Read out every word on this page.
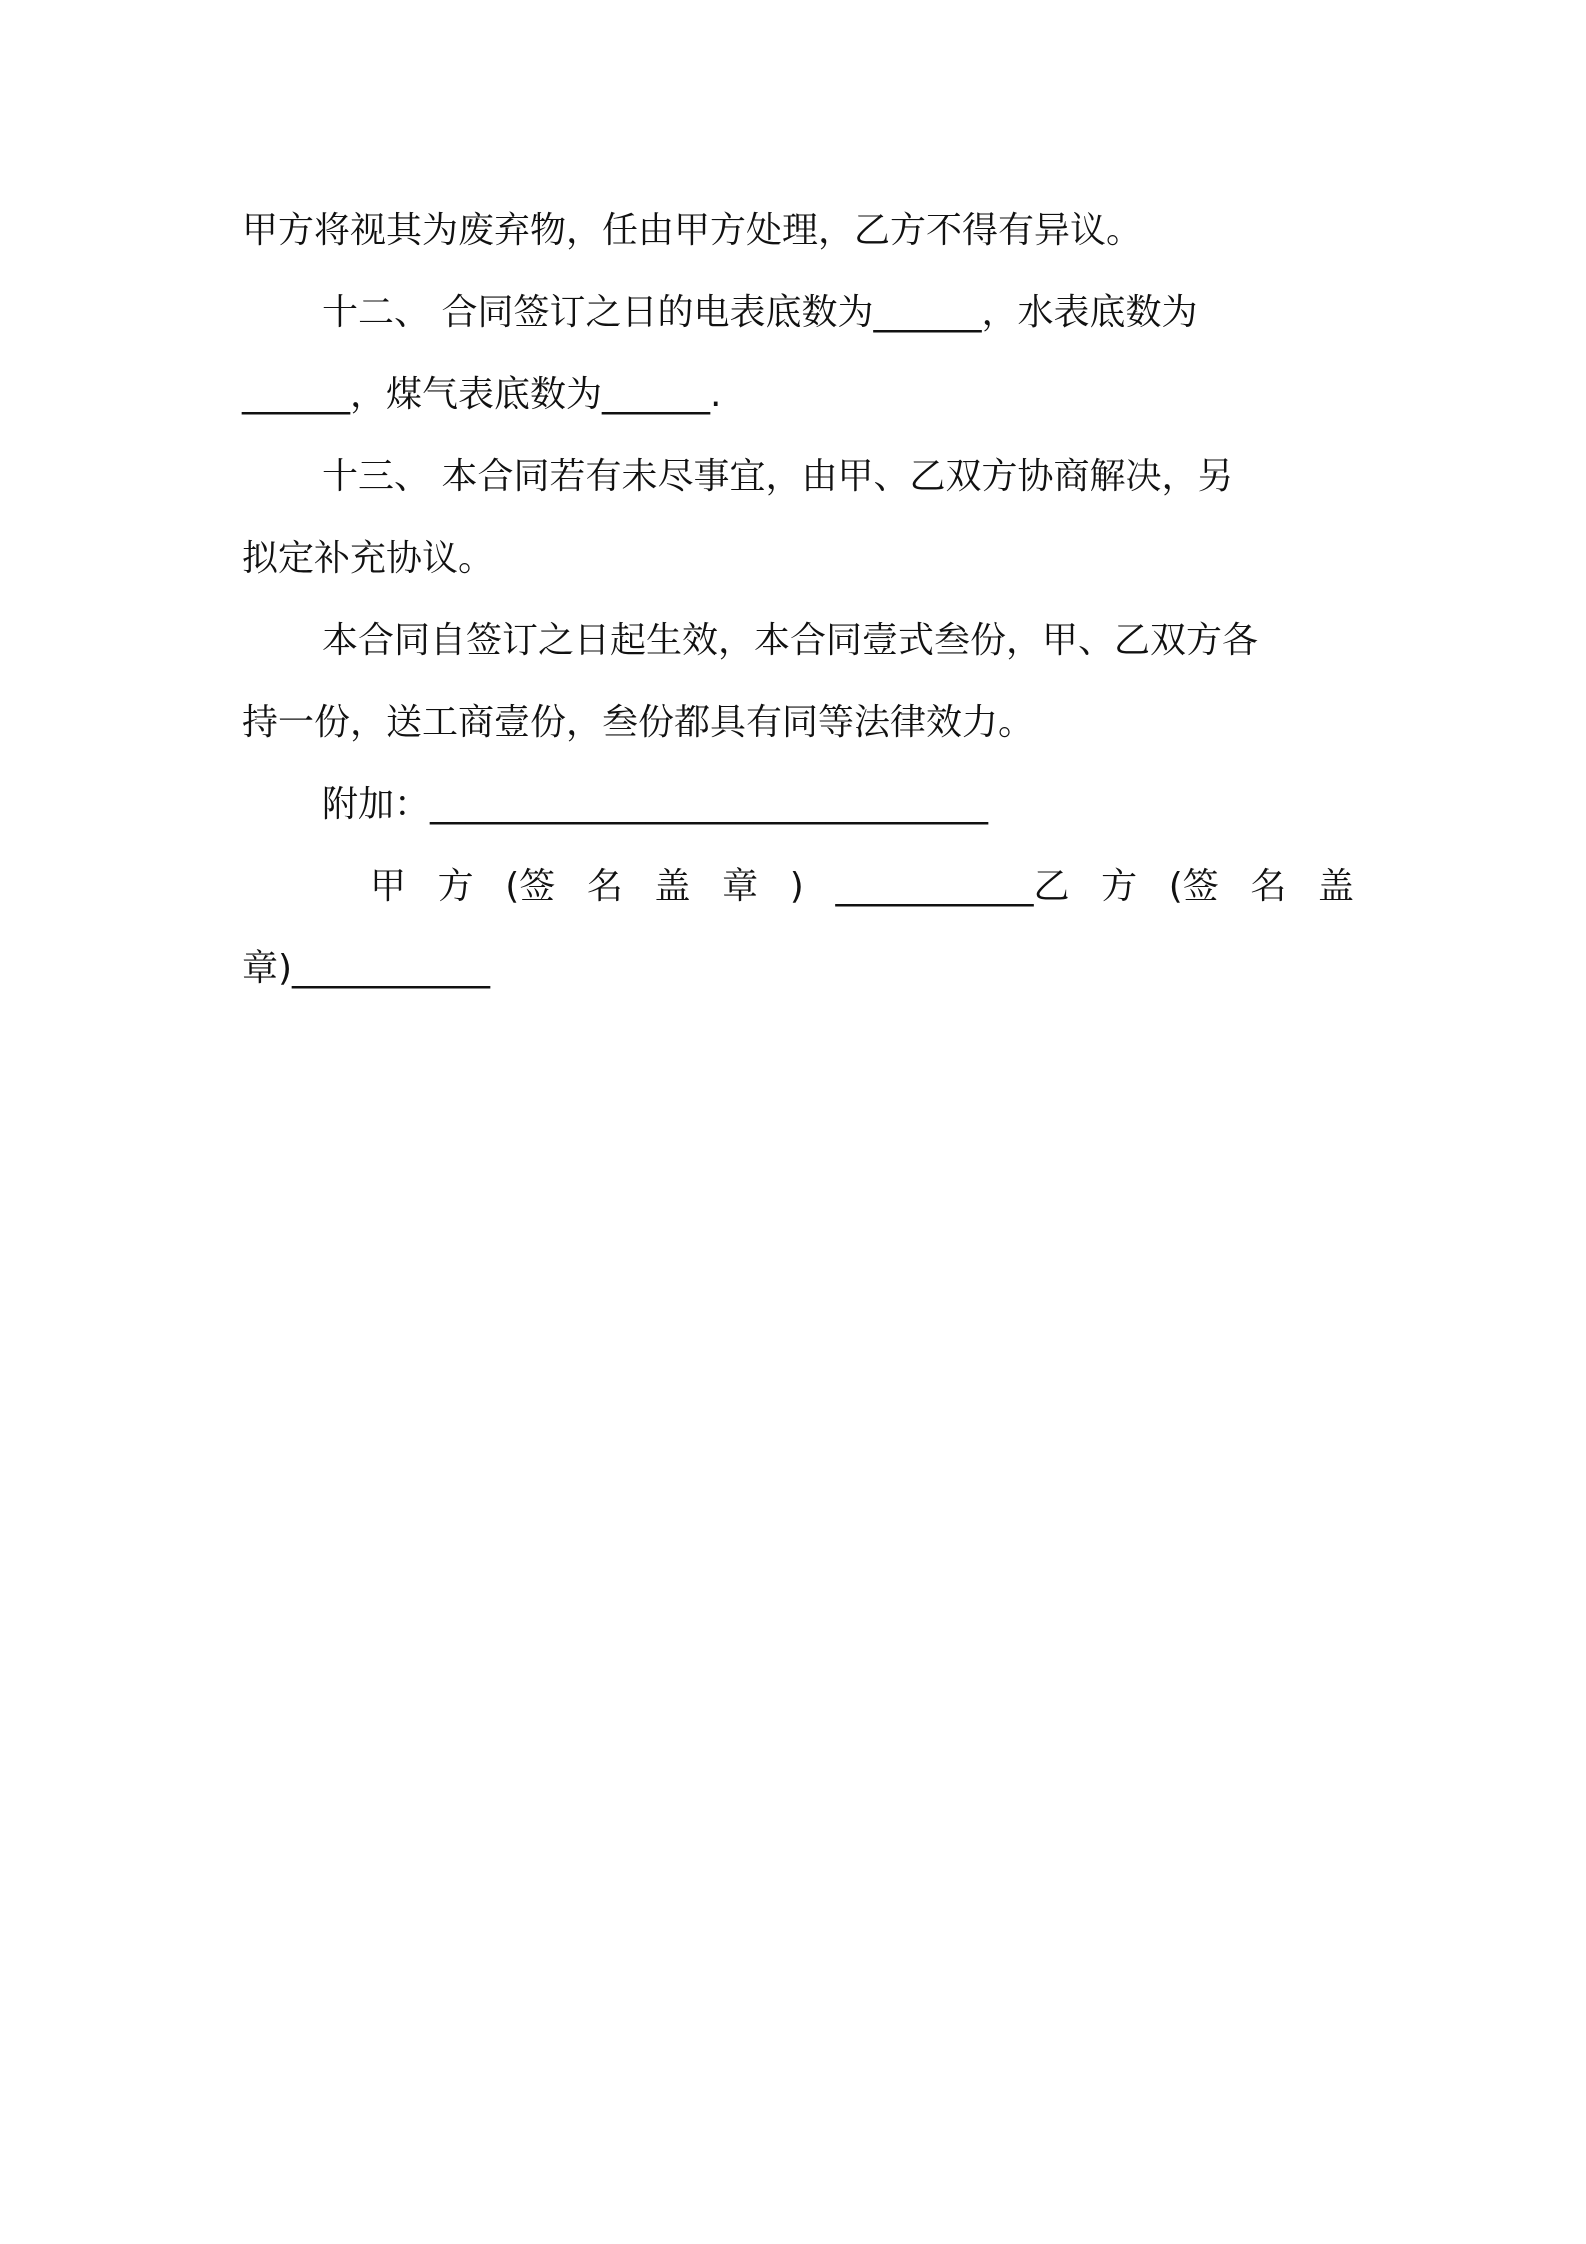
甲方将视其为废弃物，任由甲方处理，乙方不得有异议。
十二、 合同签订之日的电表底数为______，水表底数为
______，煤气表底数为______.
十三、 本合同若有未尽事宜，由甲、乙双方协商解决，另
拟定补充协议。
本合同自签订之日起生效，本合同壹式叁份，甲、乙双方各
持一份，送工商壹份，叁份都具有同等法律效力。
附加：_______________________________
甲 方 (签 名 盖 章 ) ___________乙 方 (签 名 盖
章)___________
